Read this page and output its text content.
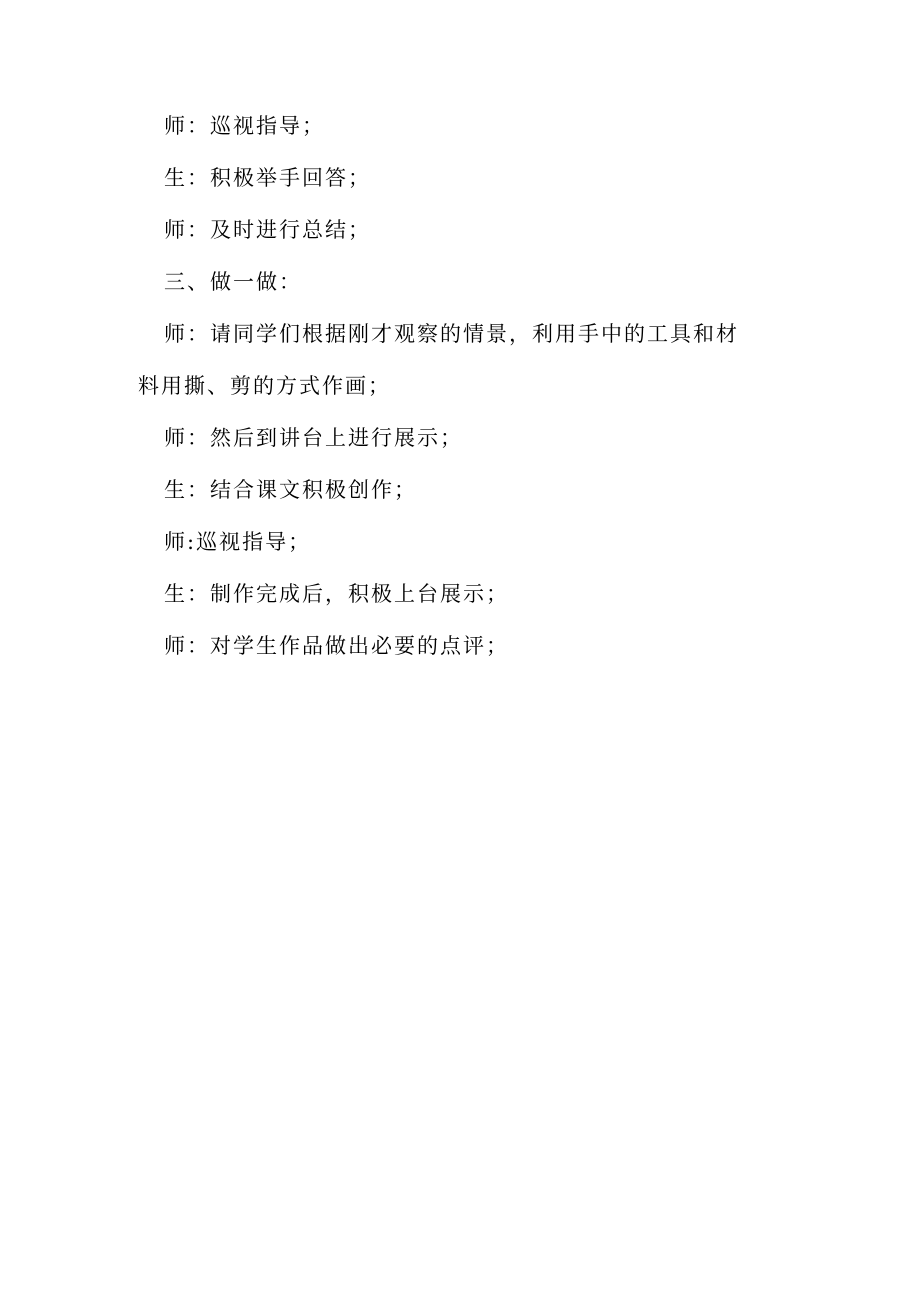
师：巡视指导；

生：积极举手回答；

师：及时进行总结；

三、做一做：

师：请同学们根据刚才观察的情景，利用手中的工具和材料用撕、剪的方式作画；

师：然后到讲台上进行展示；

生：结合课文积极创作；

师:巡视指导；

生：制作完成后，积极上台展示；

师：对学生作品做出必要的点评；
